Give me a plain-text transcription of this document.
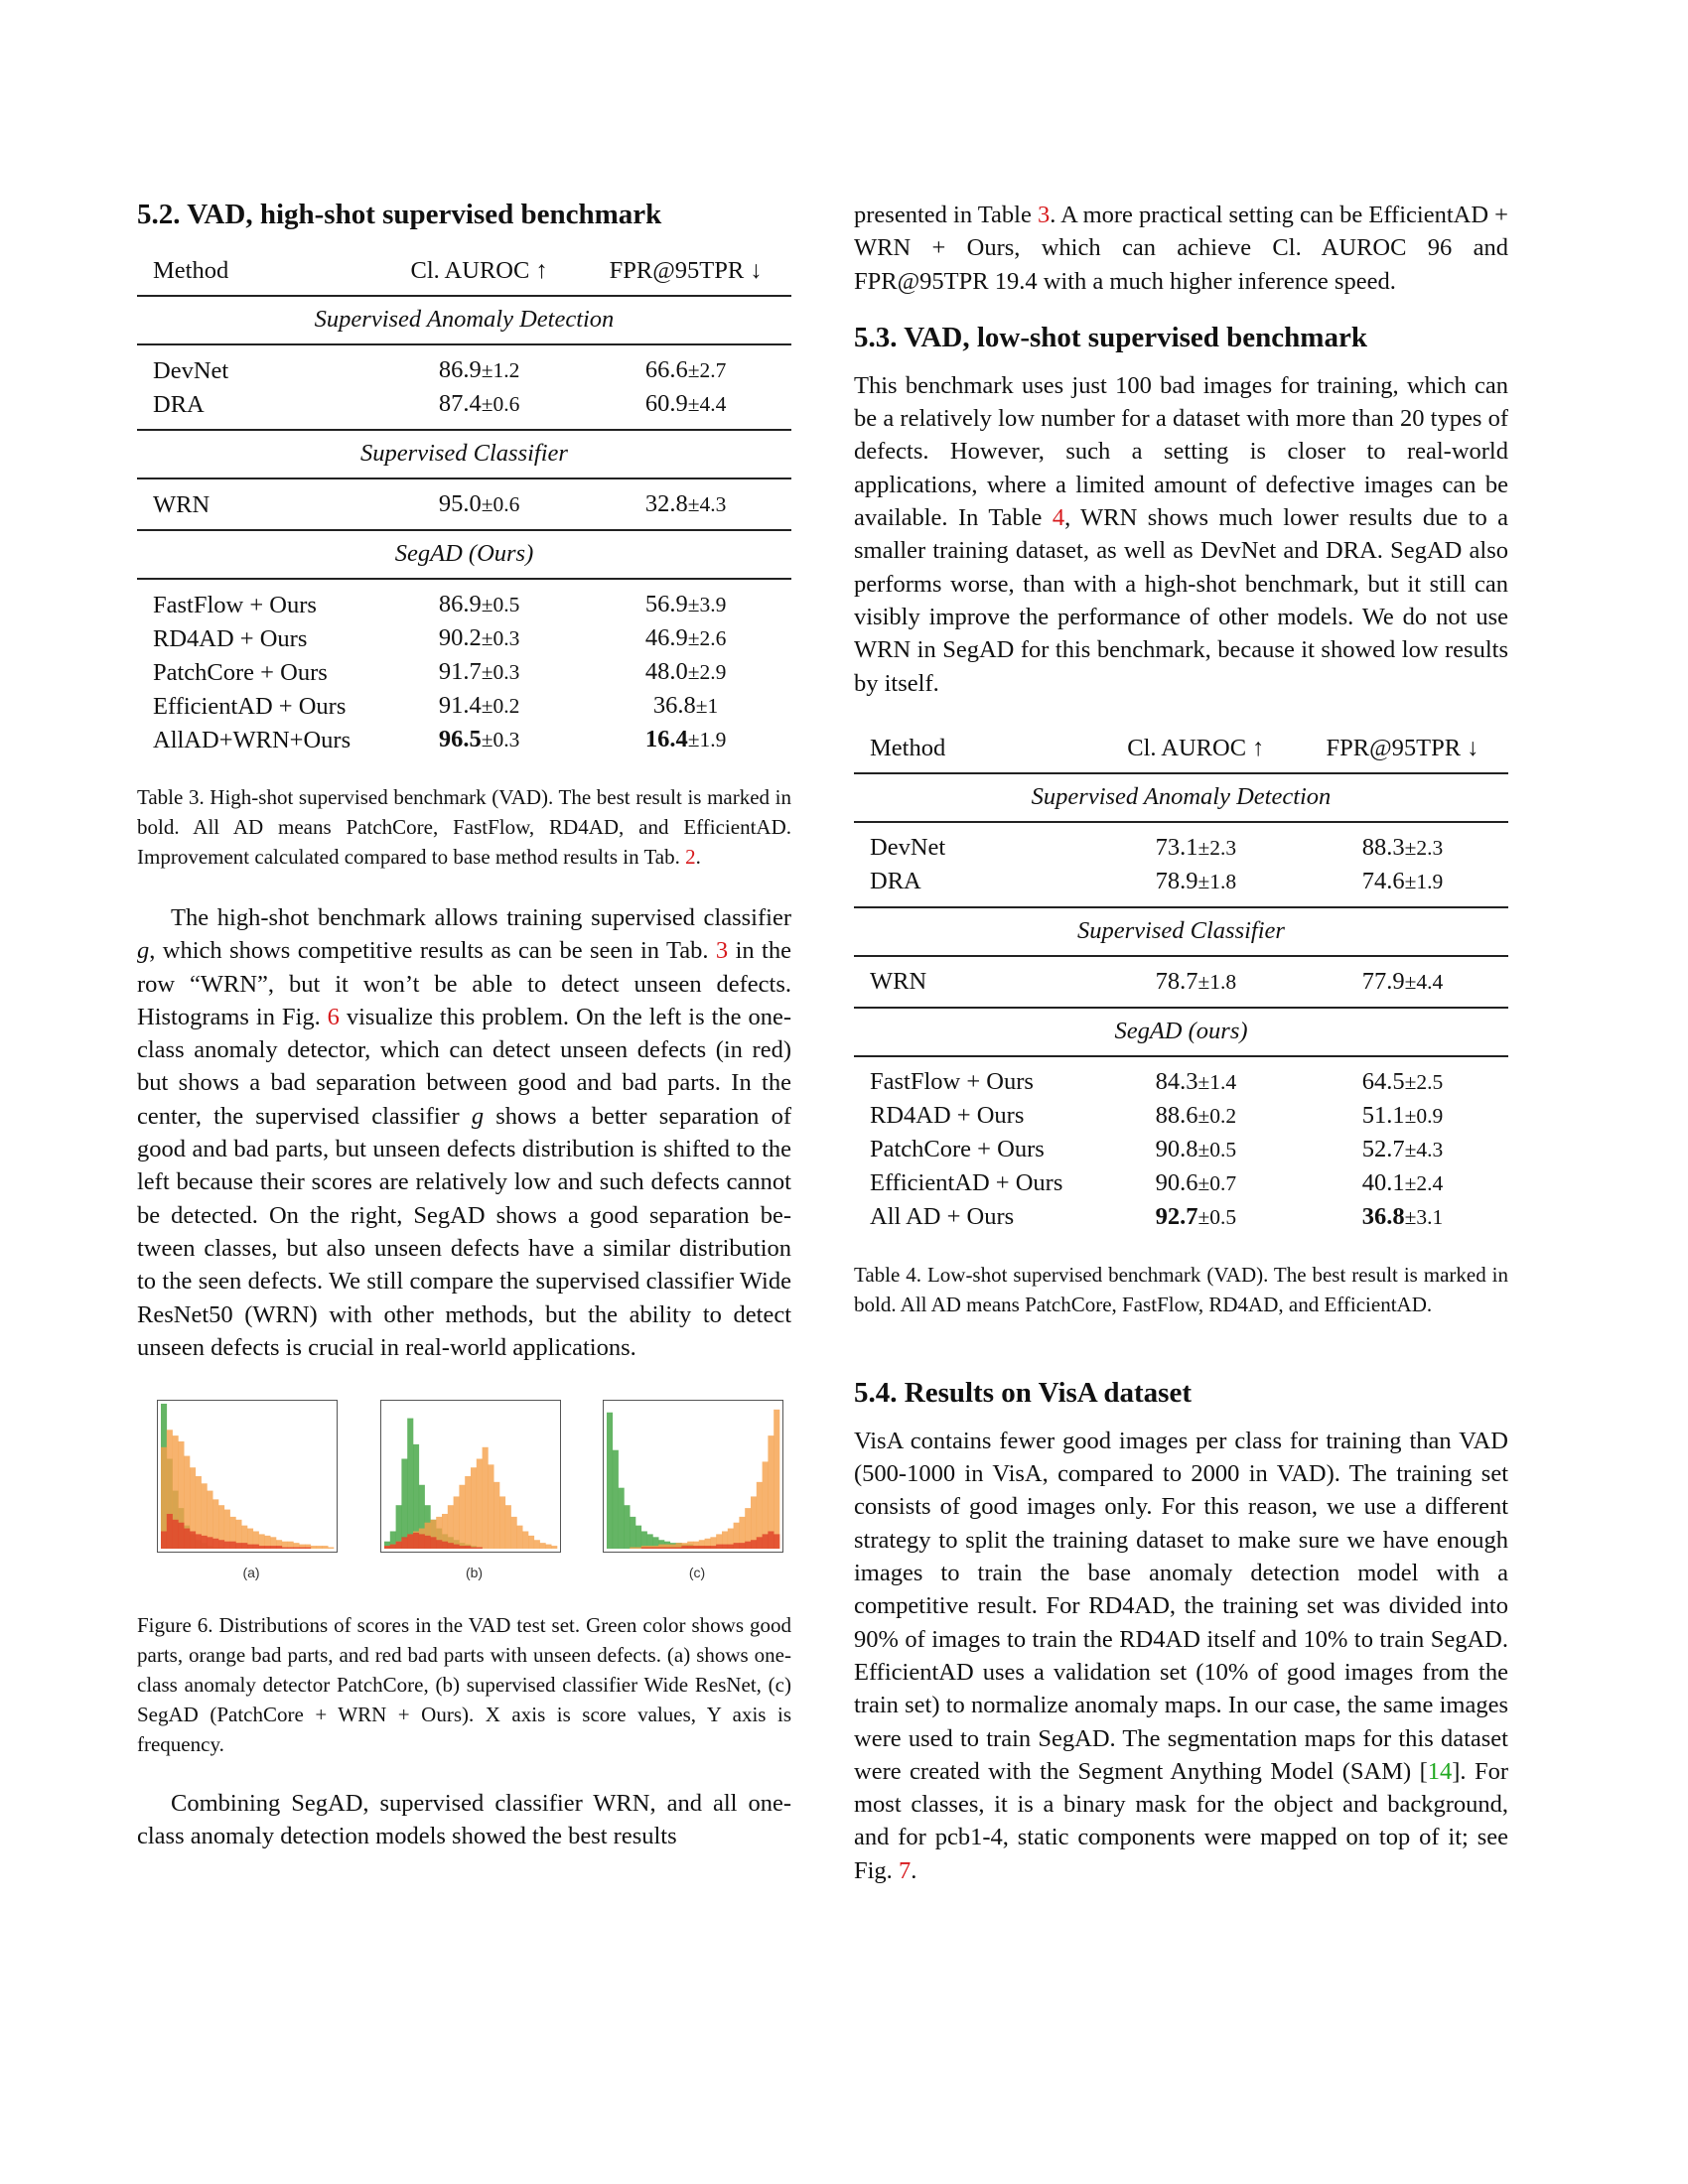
5.2. VAD, high-shot supervised benchmark
Method	Cl. AUROC ↑	FPR@95TPR ↓
Supervised Anomaly Detection		
DevNet	86.9±1.2	66.6±2.7
DRA	87.4±0.6	60.9±4.4
Supervised Classifier		
WRN	95.0±0.6	32.8±4.3
SegAD (Ours)		
FastFlow + Ours	86.9±0.5	56.9±3.9
RD4AD + Ours	90.2±0.3	46.9±2.6
PatchCore + Ours	91.7±0.3	48.0±2.9
EfficientAD + Ours	91.4±0.2	36.8±1
AllAD+WRN+Ours	96.5±0.3	16.4±1.9

Table 3. High-shot supervised benchmark (VAD). The best result is marked in bold. All AD means PatchCore, FastFlow, RD4AD, and EfficientAD. Improvement calculated compared to base method results in Tab. 2.

The high-shot benchmark allows training supervised classifier g, which shows competitive results as can be seen in Tab. 3 in the row “WRN”, but it won’t be able to detect unseen defects. Histograms in Fig. 6 visualize this problem. On the left is the one-class anomaly detector, which can detect unseen defects (in red) but shows a bad separation between good and bad parts. In the center, the supervised classifier g shows a better separation of good and bad parts, but unseen defects distribution is shifted to the left because their scores are relatively low and such defects cannot be detected. On the right, SegAD shows a good separation between classes, but also unseen defects have a similar distribution to the seen defects. We still compare the supervised classifier Wide ResNet50 (WRN) with other methods, but the ability to detect unseen defects is crucial in real-world applications.

(a)	(b)	(c)

Figure 6. Distributions of scores in the VAD test set. Green color shows good parts, orange bad parts, and red bad parts with unseen defects. (a) shows one-class anomaly detector PatchCore, (b) supervised classifier Wide ResNet, (c) SegAD (PatchCore + WRN + Ours). X axis is score values, Y axis is frequency.

Combining SegAD, supervised classifier WRN, and all one-class anomaly detection models showed the best results

presented in Table 3. A more practical setting can be EfficientAD + WRN + Ours, which can achieve Cl. AUROC 96 and FPR@95TPR 19.4 with a much higher inference speed.

5.3. VAD, low-shot supervised benchmark

This benchmark uses just 100 bad images for training, which can be a relatively low number for a dataset with more than 20 types of defects. However, such a setting is closer to real-world applications, where a limited amount of defective images can be available. In Table 4, WRN shows much lower results due to a smaller training dataset, as well as DevNet and DRA. SegAD also performs worse, than with a high-shot benchmark, but it still can visibly improve the performance of other models. We do not use WRN in SegAD for this benchmark, because it showed low results by itself.

Method	Cl. AUROC ↑	FPR@95TPR ↓
Supervised Anomaly Detection		
DevNet	73.1±2.3	88.3±2.3
DRA	78.9±1.8	74.6±1.9
Supervised Classifier		
WRN	78.7±1.8	77.9±4.4
SegAD (ours)		
FastFlow + Ours	84.3±1.4	64.5±2.5
RD4AD + Ours	88.6±0.2	51.1±0.9
PatchCore + Ours	90.8±0.5	52.7±4.3
EfficientAD + Ours	90.6±0.7	40.1±2.4
All AD + Ours	92.7±0.5	36.8±3.1

Table 4. Low-shot supervised benchmark (VAD). The best result is marked in bold. All AD means PatchCore, FastFlow, RD4AD, and EfficientAD.

5.4. Results on VisA dataset

VisA contains fewer good images per class for training than VAD (500-1000 in VisA, compared to 2000 in VAD). The training set consists of good images only. For this reason, we use a different strategy to split the training dataset to make sure we have enough images to train the base anomaly detection model with a competitive result. For RD4AD, the training set was divided into 90% of images to train the RD4AD itself and 10% to train SegAD. EfficientAD uses a validation set (10% of good images from the train set) to normalize anomaly maps. In our case, the same images were used to train SegAD. The segmentation maps for this dataset were created with the Segment Anything Model (SAM) [14]. For most classes, it is a binary mask for the object and background, and for pcb1-4, static components were mapped on top of it; see Fig. 7.
